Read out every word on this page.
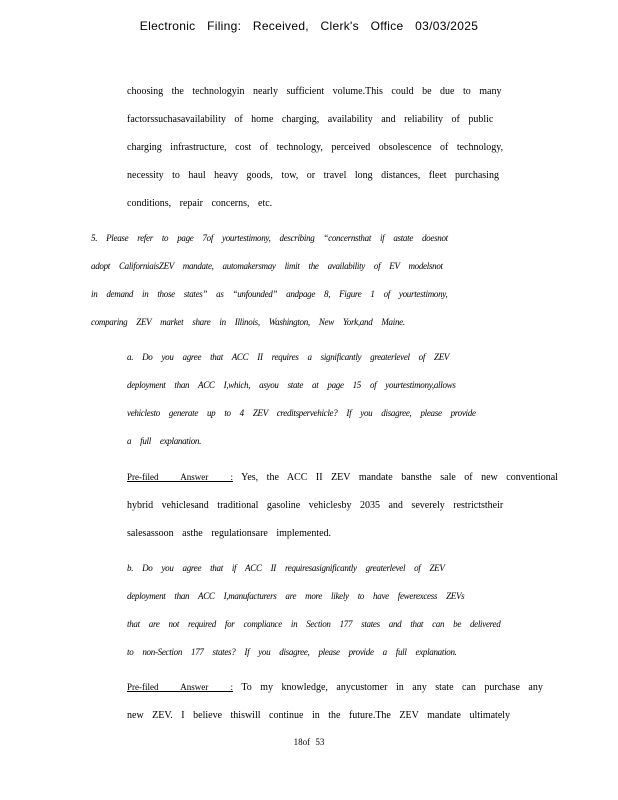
Electronic Filing: Received, Clerk's Office 03/03/2025
choosing the technologyin nearly sufficient volume.This could be due to many
factorssuchasavailability of home charging, availability and reliability of public
charging infrastructure, cost of technology, perceived obsolescence of technology,
necessity to haul heavy goods, tow, or travel long distances, fleet purchasing
conditions, repair concerns, etc.
5. Please refer to page 7of yourtestimony, describing “concernsthat if astate doesnot
adopt CaliforniaisZEV mandate, automakersmay limit the availability of EV modelsnot
in demand in those states” as “unfounded” andpage 8, Figure 1 of yourtestimony,
comparing ZEV market share in Illinois, Washington, New York,and Maine.
a. Do you agree that ACC II requires a significantly greaterlevel of ZEV
deployment than ACC I,which, asyou state at page 15 of yourtestimony,allows
vehiclesto generate up to 4 ZEV creditspervehicle? If you disagree, please provide
a full explanation.
Pre-filed Answer : Yes, the ACC II ZEV mandate bansthe sale of new conventional
hybrid vehiclesand traditional gasoline vehiclesby 2035 and severely restrictstheir
salesassoon asthe regulationsare implemented.
b. Do you agree that if ACC II requiresasignificantly greaterlevel of ZEV
deployment than ACC I,manufacturers are more likely to have fewerexcess ZEVs
that are not required for compliance in Section 177 states and that can be delivered
to non-Section 177 states? If you disagree, please provide a full explanation.
Pre-filed Answer : To my knowledge, anycustomer in any state can purchase any
new ZEV. I believe thiswill continue in the future.The ZEV mandate ultimately
18of 53
